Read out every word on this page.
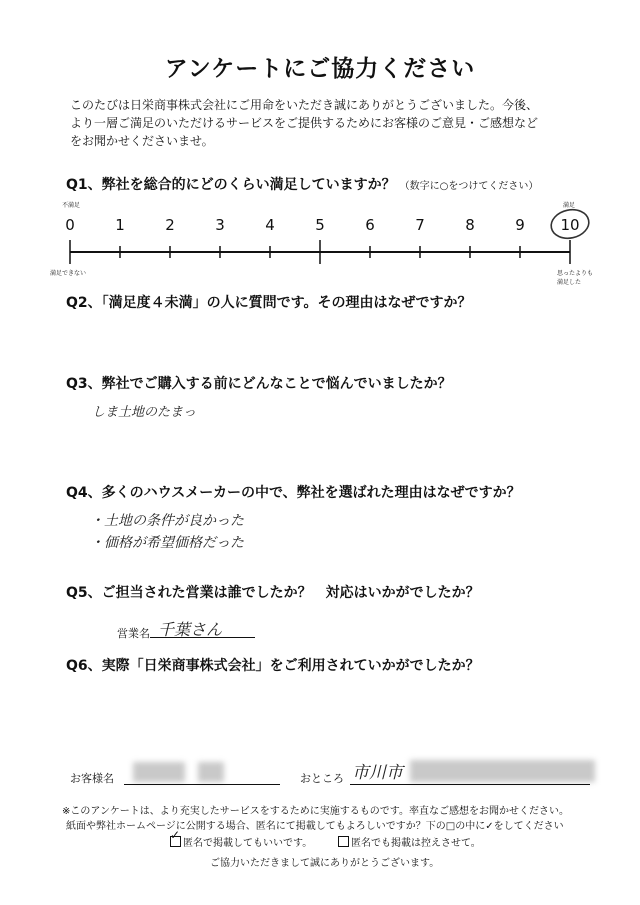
アンケートにご協力ください
このたびは日栄商事株式会社にご用命をいただき誠にありがとうございました。今後、
より一層ご満足のいただけるサービスをご提供するためにお客様のご意見・ご感想など
をお聞かせくださいませ。
Q1、弊社を総合的にどのくらい満足していますか？ （数字に○をつけてください）
不満足	満足
満足できない	思ったよりも
満足した
0	1	2	3	4	5	6	7	8	9 10
Q2、「満足度４未満」の人に質問です。その理由はなぜですか？
Q3、弊社でご購入する前にどんなことで悩んでいましたか？
しま土地のたまっ
Q4、多くのハウスメーカーの中で、弊社を選ばれた理由はなぜですか？
・土地の条件が良かった
・価格が希望価格だった
Q5、ご担当された営業は誰でしたか？　対応はいかがでしたか？
営業名 千葉さん
Q6、実際「日栄商事株式会社」をご利用されていかがでしたか？
お客様名	おところ 市川市
※このアンケートは、より充実したサービスをするために実施するものです。率直なご感想をお聞かせください。
紙面や弊社ホームページに公開する場合、匿名にて掲載してもよろしいですか？下の□の中に✓をしてください
✓
匿名で掲載してもいいです。	匿名でも掲載は控えさせて。
ご協力いただきまして誠にありがとうございます。
